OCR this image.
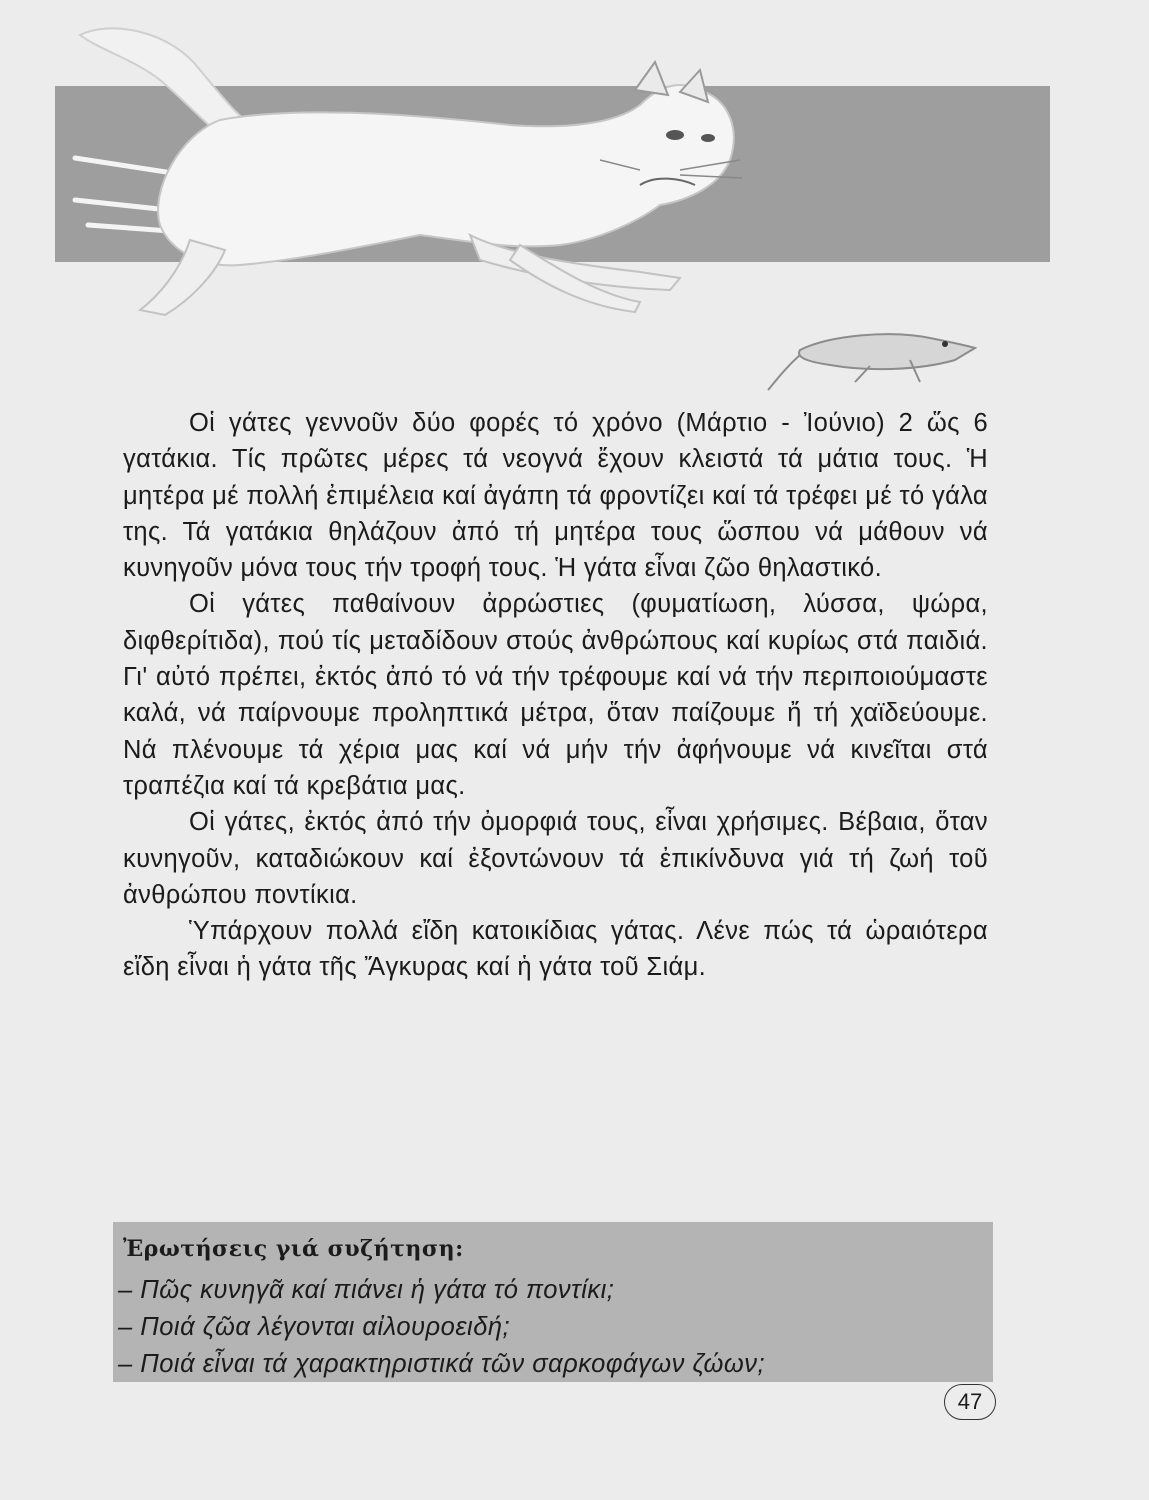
Οἱ γάτες γεννοῦν δύο φορές τό χρόνο (Μάρτιο - Ἰούνιο) 2 ὥς 6 γατάκια. Τίς πρῶτες μέρες τά νεογνά ἔχουν κλειστά τά μάτια τους. Ἡ μητέρα μέ πολλή ἐπιμέλεια καί ἀγάπη τά φροντίζει καί τά τρέφει μέ τό γάλα της. Τά γατάκια θηλάζουν ἀπό τή μητέρα τους ὥσπου νά μάθουν νά κυνηγοῦν μόνα τους τήν τροφή τους. Ἡ γάτα εἶναι ζῶο θηλαστικό.

Οἱ γάτες παθαίνουν ἀρρώστιες (φυματίωση, λύσσα, ψώρα, διφθερίτιδα), πού τίς μεταδίδουν στούς ἀνθρώπους καί κυρίως στά παιδιά. Γι' αὐτό πρέπει, ἐκτός ἀπό τό νά τήν τρέφουμε καί νά τήν περιποιούμαστε καλά, νά παίρνουμε προληπτικά μέτρα, ὅταν παίζουμε ἤ τή χαϊδεύουμε. Νά πλένουμε τά χέρια μας καί νά μήν τήν ἀφήνουμε νά κινεῖται στά τραπέζια καί τά κρεβάτια μας.

Οἱ γάτες, ἐκτός ἀπό τήν ὀμορφιά τους, εἶναι χρήσιμες. Βέβαια, ὅταν κυνηγοῦν, καταδιώκουν καί ἐξοντώνουν τά ἐπικίνδυνα γιά τή ζωή τοῦ ἀνθρώπου ποντίκια.

Ὑπάρχουν πολλά εἴδη κατοικίδιας γάτας. Λένε πώς τά ὡραιότερα εἴδη εἶναι ἡ γάτα τῆς Ἄγκυρας καί ἡ γάτα τοῦ Σιάμ.

Ἐρωτήσεις γιά συζήτηση:

– Πῶς κυνηγᾶ καί πιάνει ἡ γάτα τό ποντίκι;
– Ποιά ζῶα λέγονται αἰλουροειδή;
– Ποιά εἶναι τά χαρακτηριστικά τῶν σαρκοφάγων ζώων;
47
